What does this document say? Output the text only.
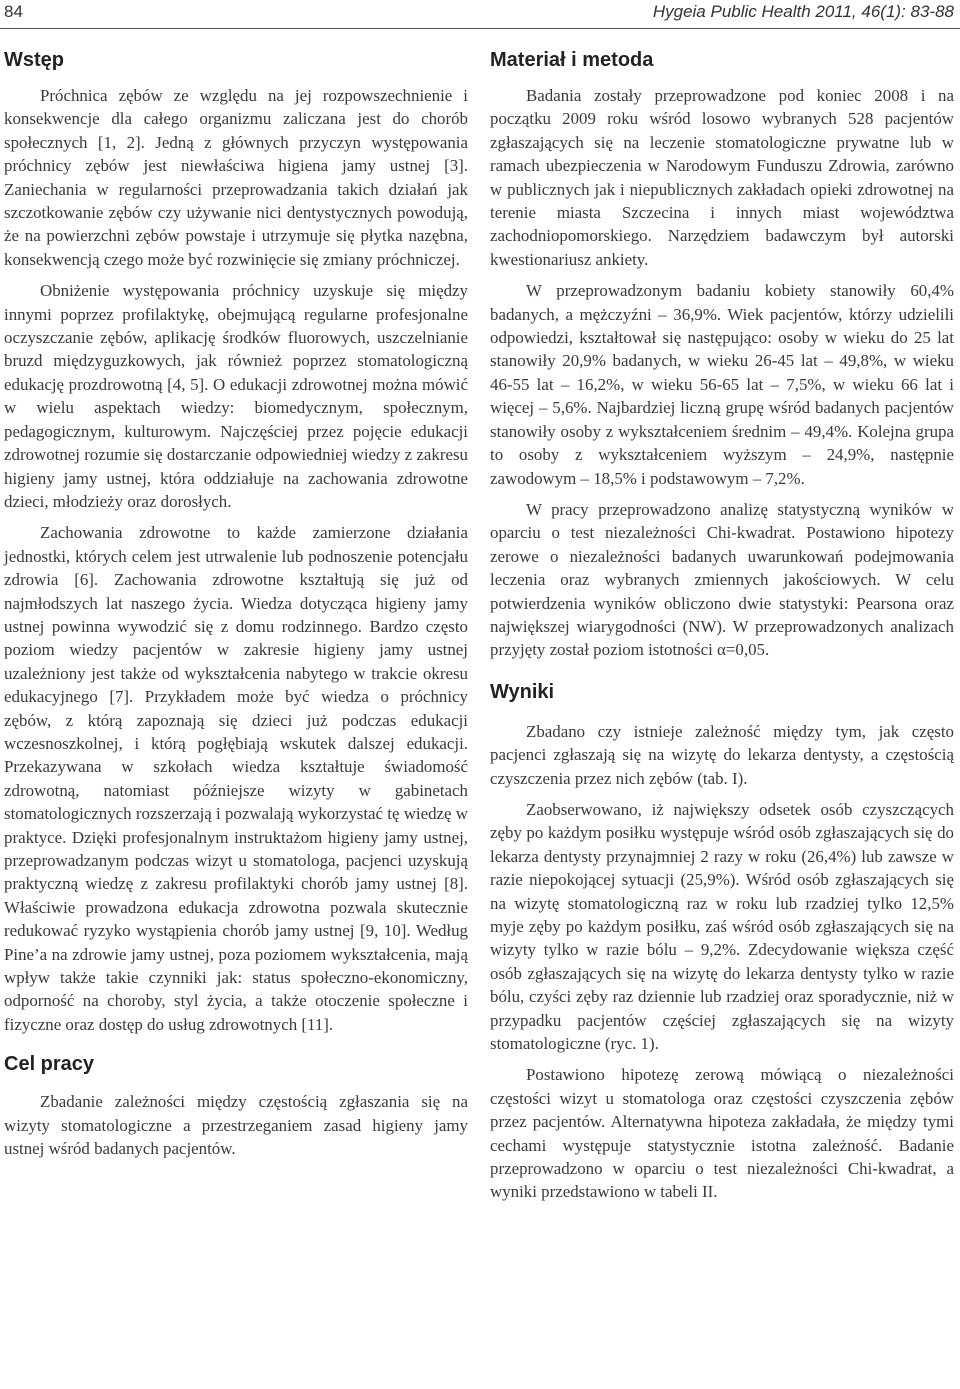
84	Hygeia Public Health 2011, 46(1): 83-88
Wstęp

Próchnica zębów ze względu na jej rozpowszechnienie i konsekwencje dla całego organizmu zaliczana jest do chorób społecznych [1, 2]. Jedną z głównych przyczyn występowania próchnicy zębów jest niewłaściwa higiena jamy ustnej [3]. Zaniechania w regularności przeprowadzania takich działań jak szczotkowanie zębów czy używanie nici dentystycznych powodują, że na powierzchni zębów powstaje i utrzymuje się płytka nazębna, konsekwencją czego może być rozwinięcie się zmiany próchniczej.

Obniżenie występowania próchnicy uzyskuje się między innymi poprzez profilaktykę, obejmującą regularne profesjonalne oczyszczanie zębów, aplikację środków fluorowych, uszczelnianie bruzd międzyguzkowych, jak również poprzez stomatologiczną edukację prozdrowotną [4, 5]. O edukacji zdrowotnej można mówić w wielu aspektach wiedzy: biomedycznym, społecznym, pedagogicznym, kulturowym. Najczęściej przez pojęcie edukacji zdrowotnej rozumie się dostarczanie odpowiedniej wiedzy z zakresu higieny jamy ustnej, która oddziałuje na zachowania zdrowotne dzieci, młodzieży oraz dorosłych.

Zachowania zdrowotne to każde zamierzone działania jednostki, których celem jest utrwalenie lub podnoszenie potencjału zdrowia [6]. Zachowania zdrowotne kształtują się już od najmłodszych lat naszego życia. Wiedza dotycząca higieny jamy ustnej powinna wywodzić się z domu rodzinnego. Bardzo często poziom wiedzy pacjentów w zakresie higieny jamy ustnej uzależniony jest także od wykształcenia nabytego w trakcie okresu edukacyjnego [7]. Przykładem może być wiedza o próchnicy zębów, z którą zapoznają się dzieci już podczas edukacji wczesnoszkolnej, i którą pogłębiają wskutek dalszej edukacji. Przekazywana w szkołach wiedza kształtuje świadomość zdrowotną, natomiast późniejsze wizyty w gabinetach stomatologicznych rozszerzają i pozwalają wykorzystać tę wiedzę w praktyce. Dzięki profesjonalnym instruktażom higieny jamy ustnej, przeprowadzanym podczas wizyt u stomatologa, pacjenci uzyskują praktyczną wiedzę z zakresu profilaktyki chorób jamy ustnej [8]. Właściwie prowadzona edukacja zdrowotna pozwala skutecznie redukować ryzyko wystąpienia chorób jamy ustnej [9, 10]. Według Pine’a na zdrowie jamy ustnej, poza poziomem wykształcenia, mają wpływ także takie czynniki jak: status społeczno-ekonomiczny, odporność na choroby, styl życia, a także otoczenie społeczne i fizyczne oraz dostęp do usług zdrowotnych [11].

Cel pracy

Zbadanie zależności między częstością zgłaszania się na wizyty stomatologiczne a przestrzeganiem zasad higieny jamy ustnej wśród badanych pacjentów.

Materiał i metoda

Badania zostały przeprowadzone pod koniec 2008 i na początku 2009 roku wśród losowo wybranych 528 pacjentów zgłaszających się na leczenie stomatologiczne prywatne lub w ramach ubezpieczenia w Narodowym Funduszu Zdrowia, zarówno w publicznych jak i niepublicznych zakładach opieki zdrowotnej na terenie miasta Szczecina i innych miast województwa zachodniopomorskiego. Narzędziem badawczym był autorski kwestionariusz ankiety.

W przeprowadzonym badaniu kobiety stanowiły 60,4% badanych, a mężczyźni – 36,9%. Wiek pacjentów, którzy udzielili odpowiedzi, kształtował się następująco: osoby w wieku do 25 lat stanowiły 20,9% badanych, w wieku 26-45 lat – 49,8%, w wieku 46-55 lat – 16,2%, w wieku 56-65 lat – 7,5%, w wieku 66 lat i więcej – 5,6%. Najbardziej liczną grupę wśród badanych pacjentów stanowiły osoby z wykształceniem średnim – 49,4%. Kolejna grupa to osoby z wykształceniem wyższym – 24,9%, następnie zawodowym – 18,5% i podstawowym – 7,2%.

W pracy przeprowadzono analizę statystyczną wyników w oparciu o test niezależności Chi-kwadrat. Postawiono hipotezy zerowe o niezależności badanych uwarunkowań podejmowania leczenia oraz wybranych zmiennych jakościowych. W celu potwierdzenia wyników obliczono dwie statystyki: Pearsona oraz największej wiarygodności (NW). W przeprowadzonych analizach przyjęty został poziom istotności α=0,05.

Wyniki

Zbadano czy istnieje zależność między tym, jak często pacjenci zgłaszają się na wizytę do lekarza dentysty, a częstością czyszczenia przez nich zębów (tab. I).

Zaobserwowano, iż największy odsetek osób czyszczących zęby po każdym posiłku występuje wśród osób zgłaszających się do lekarza dentysty przynajmniej 2 razy w roku (26,4%) lub zawsze w razie niepokojącej sytuacji (25,9%). Wśród osób zgłaszających się na wizytę stomatologiczną raz w roku lub rzadziej tylko 12,5% myje zęby po każdym posiłku, zaś wśród osób zgłaszających się na wizyty tylko w razie bólu – 9,2%. Zdecydowanie większa część osób zgłaszających się na wizytę do lekarza dentysty tylko w razie bólu, czyści zęby raz dziennie lub rzadziej oraz sporadycznie, niż w przypadku pacjentów częściej zgłaszających się na wizyty stomatologiczne (ryc. 1).

Postawiono hipotezę zerową mówiącą o niezależności częstości wizyt u stomatologa oraz częstości czyszczenia zębów przez pacjentów. Alternatywna hipoteza zakładała, że między tymi cechami występuje statystycznie istotna zależność. Badanie przeprowadzono w oparciu o test niezależności Chi-kwadrat, a wyniki przedstawiono w tabeli II.
